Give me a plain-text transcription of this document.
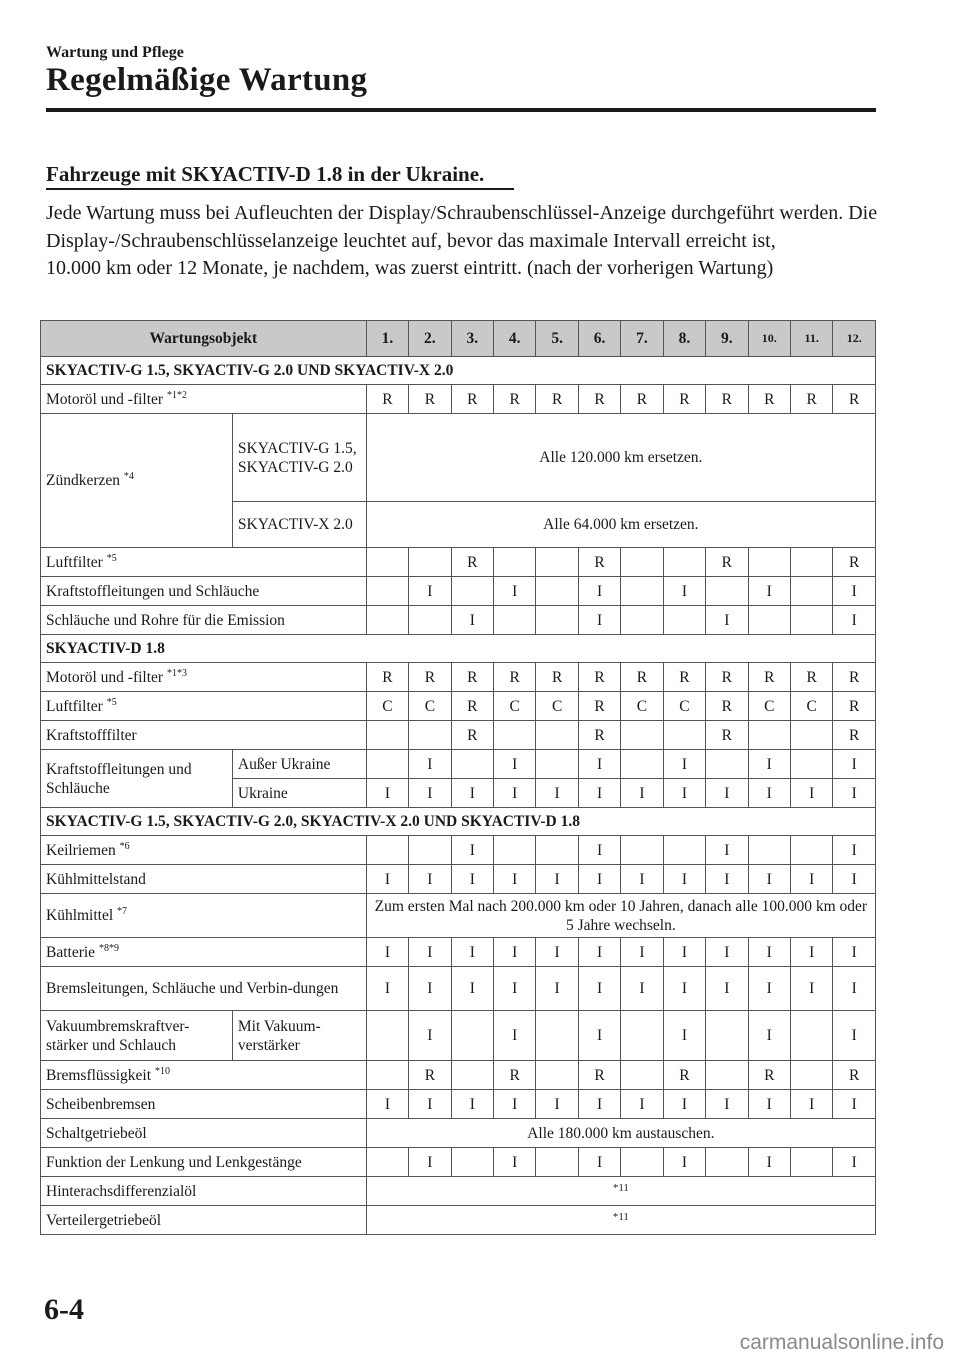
Wartung und Pflege
Regelmäßige Wartung
Fahrzeuge mit SKYACTIV-D 1.8 in der Ukraine.

Jede Wartung muss bei Aufleuchten der Display/Schraubenschlüssel-Anzeige durchgeführt werden. Die Display-/Schraubenschlüsselanzeige leuchtet auf, bevor das maximale Intervall erreicht ist,

10.000 km oder 12 Monate, je nachdem, was zuerst eintritt. (nach der vorherigen Wartung)

Wartungsobjekt		1.	2.	3.	4.	5.	6.	7.	8.	9.	10.	11.	12.
SKYACTIV-G 1.5, SKYACTIV-G 2.0 UND SKYACTIV-X 2.0													
Motoröl und -filter $^{*1*2}$		R	R	R	R	R	R	R	R	R	R	R	R
Zündkerzen $^{*4}$	SKYACTIV-G 1.5, SKYACTIV-G 2.0	Alle 120.000 km ersetzen.											
	SKYACTIV-X 2.0	Alle 64.000 km ersetzen.											
Luftfilter $^{*5}$				R			R			R			R
Kraftstoffleitungen und Schläuche			I		I		I		I		I		I
Schläuche und Rohre für die Emission				I			I			I			I
SKYACTIV-D 1.8													
Motoröl und -filter $^{*1*3}$		R	R	R	R	R	R	R	R	R	R	R	R
Luftfilter $^{*5}$		C	C	R	C	C	R	C	C	R	C	C	R
Kraftstofffilter				R			R			R			R
Kraftstoffleitungen und Schläuche	Außer Ukraine		I		I		I		I		I		I
	Ukraine	I	I	I	I	I	I	I	I	I	I	I	I
SKYACTIV-G 1.5, SKYACTIV-G 2.0, SKYACTIV-X 2.0 UND SKYACTIV-D 1.8													
Keilriemen $^{*6}$				I			I			I			I
Kühlmittelstand		I	I	I	I	I	I	I	I	I	I	I	I
Kühlmittel $^{*7}$		Zum ersten Mal nach 200.000 km oder 10 Jahren, danach alle 100.000 km oder 5 Jahre wechseln.											
Batterie $^{*8*9}$		I	I	I	I	I	I	I	I	I	I	I	I
Bremsleitungen, Schläuche und Verbin-dungen		I	I	I	I	I	I	I	I	I	I	I	I
Vakuumbremskraftver-stärker und Schlauch	Mit Vakuum-verstärker		I		I		I		I		I		I
Bremsflüssigkeit $^{*10}$			R		R		R		R		R		R
Scheibenbremsen		I	I	I	I	I	I	I	I	I	I	I	I
Schaltgetriebeöl		Alle 180.000 km austauschen.											
Funktion der Lenkung und Lenkgestänge			I		I		I		I		I		I
Hinterachsdifferenzialöl		*11											
Verteilergetriebeöl		*11											
6-4
carmanualsonline.info
